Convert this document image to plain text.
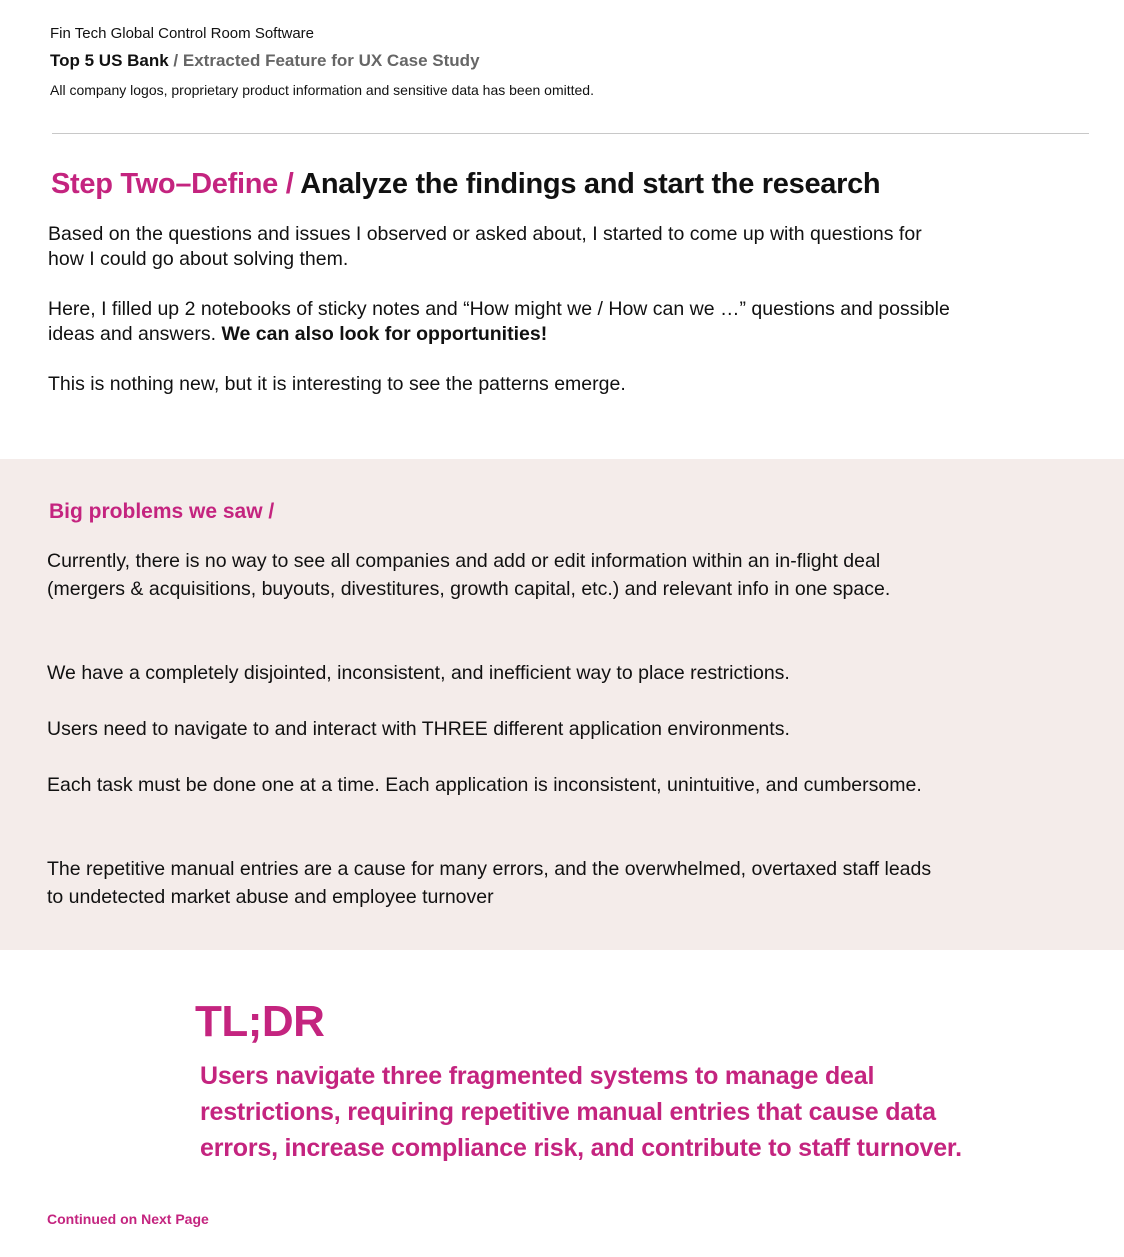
Fin Tech Global Control Room Software
Top 5 US Bank / Extracted Feature for UX Case Study
All company logos, proprietary product information and sensitive data has been omitted.
Step Two–Define / Analyze the findings and start the research
Based on the questions and issues I observed or asked about, I started to come up with questions for how I could go about solving them.
Here, I filled up 2 notebooks of sticky notes and “How might we / How can we …” questions and possible ideas and answers. We can also look for opportunities!
This is nothing new, but it is interesting to see the patterns emerge.
Big problems we saw /
Currently, there is no way to see all companies and add or edit information within an in-flight deal (mergers & acquisitions, buyouts, divestitures, growth capital, etc.) and relevant info in one space.
We have a completely disjointed, inconsistent, and inefficient way to place restrictions.
Users need to navigate to and interact with THREE different application environments.
Each task must be done one at a time. Each application is inconsistent, unintuitive, and cumbersome.
The repetitive manual entries are a cause for many errors, and the overwhelmed, overtaxed staff leads to undetected market abuse and employee turnover
TL;DR
Users navigate three fragmented systems to manage deal restrictions, requiring repetitive manual entries that cause data errors, increase compliance risk, and contribute to staff turnover.
Continued on Next Page
